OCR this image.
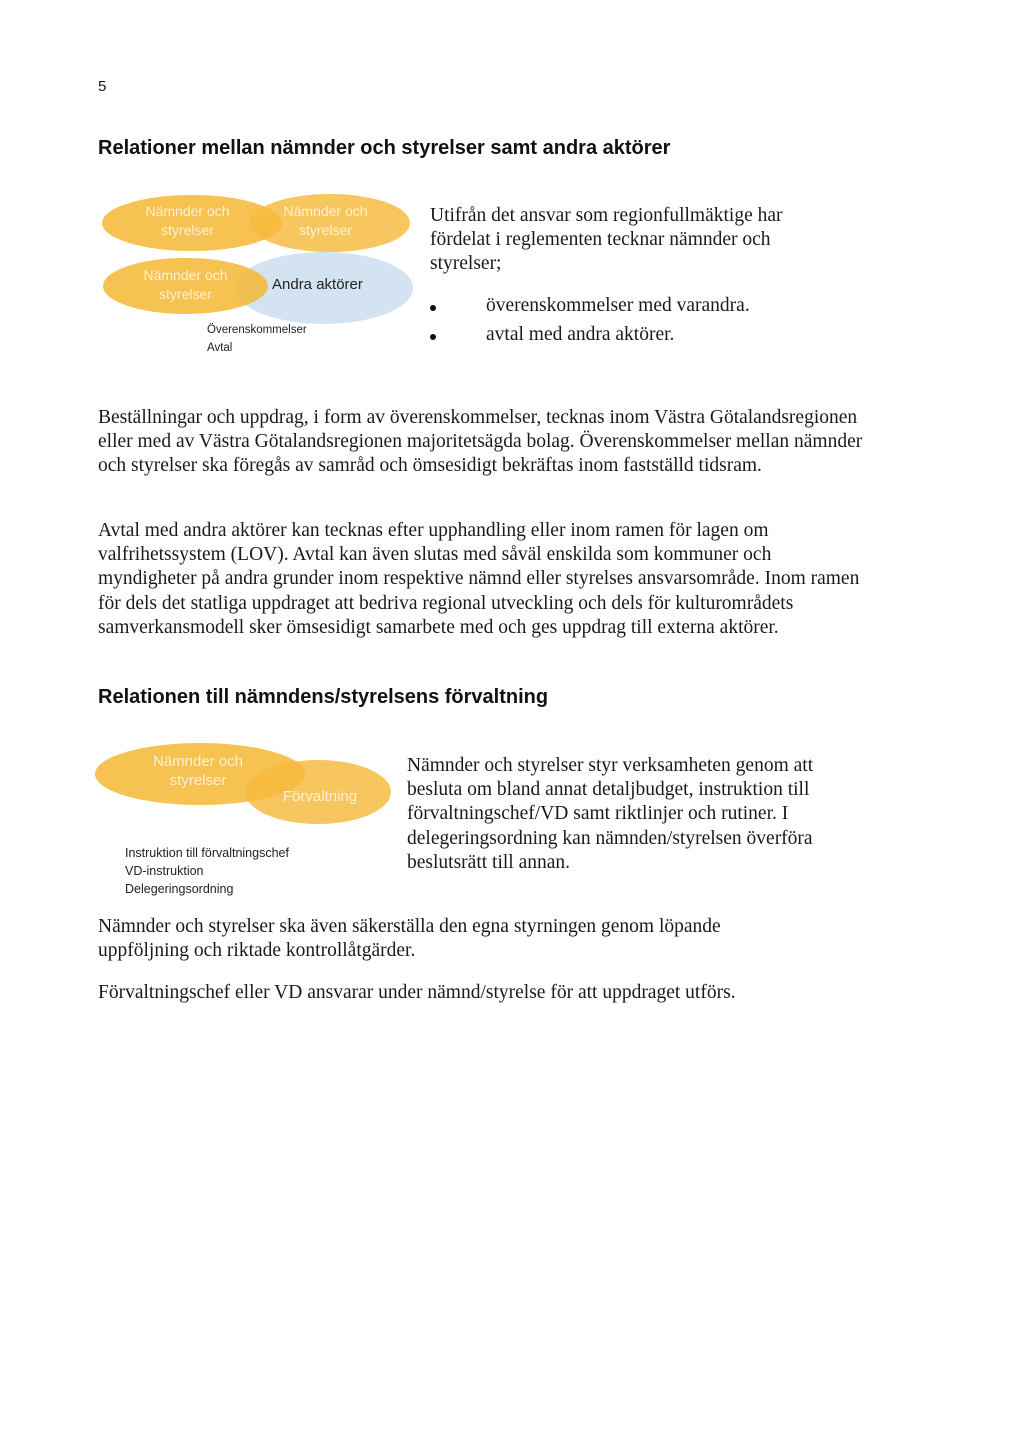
5
Relationer mellan nämnder och styrelser samt andra aktörer
Nämnder och styrelser
Nämnder och styrelser
Nämnder och styrelser
Andra aktörer
Överenskommelser
Avtal

Utifrån det ansvar som regionfullmäktige har fördelat i reglementen tecknar nämnder och styrelser;

överenskommelser med varandra.
avtal med andra aktörer.

Beställningar och uppdrag, i form av överenskommelser, tecknas inom Västra Götalandsregionen eller med av Västra Götalandsregionen majoritetsägda bolag. Överenskommelser mellan nämnder och styrelser ska föregås av samråd och ömsesidigt bekräftas inom fastställd tidsram.

Avtal med andra aktörer kan tecknas efter upphandling eller inom ramen för lagen om valfrihetssystem (LOV). Avtal kan även slutas med såväl enskilda som kommuner och myndigheter på andra grunder inom respektive nämnd eller styrelses ansvarsområde. Inom ramen för dels det statliga uppdraget att bedriva regional utveckling och dels för kulturområdets samverkansmodell sker ömsesidigt samarbete med och ges uppdrag till externa aktörer.

Relationen till nämndens/styrelsens förvaltning
Nämnder och styrelser
Förvaltning
Instruktion till förvaltningschef
VD-instruktion
Delegeringsordning

Nämnder och styrelser styr verksamheten genom att besluta om bland annat detaljbudget, instruktion till förvaltningschef/VD samt riktlinjer och rutiner. I delegeringsordning kan nämnden/styrelsen överföra beslutsrätt till annan.

Nämnder och styrelser ska även säkerställa den egna styrningen genom löpande uppföljning och riktade kontrollåtgärder.

Förvaltningschef eller VD ansvarar under nämnd/styrelse för att uppdraget utförs.
